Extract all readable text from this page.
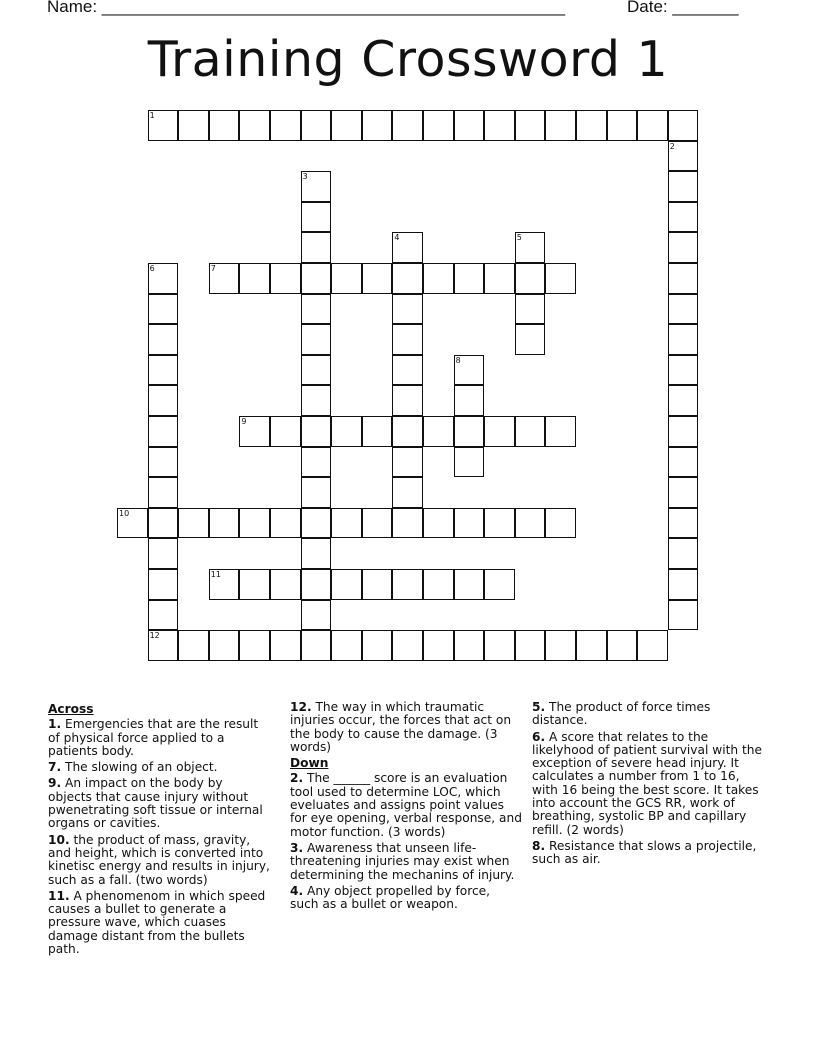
Name: _________________________________________________	Date: _______
Training Crossword 1
1
2
3
4	5
6	7
8
9
10
11
12
Across
1. Emergencies that are the result of physical force applied to a patients body.
7. The slowing of an object.
9. An impact on the body by objects that cause injury without pwenetrating soft tissue or internal organs or cavities.
10. the product of mass, gravity, and height, which is converted into kinetisc energy and results in injury, such as a fall. (two words)
11. A phenomenom in which speed causes a bullet to generate a pressure wave, which cuases damage distant from the bullets path.
12. The way in which traumatic injuries occur, the forces that act on the body to cause the damage. (3 words)
Down
2. The ______ score is an evaluation tool used to determine LOC, which eveluates and assigns point values for eye opening, verbal response, and motor function. (3 words)
3. Awareness that unseen life-threatening injuries may exist when determining the mechanins of injury.
4. Any object propelled by force, such as a bullet or weapon.
5. The product of force times distance.
6. A score that relates to the likelyhood of patient survival with the exception of severe head injury. It calculates a number from 1 to 16, with 16 being the best score. It takes into account the GCS RR, work of breathing, systolic BP and capillary refill. (2 words)
8. Resistance that slows a projectile, such as air.
